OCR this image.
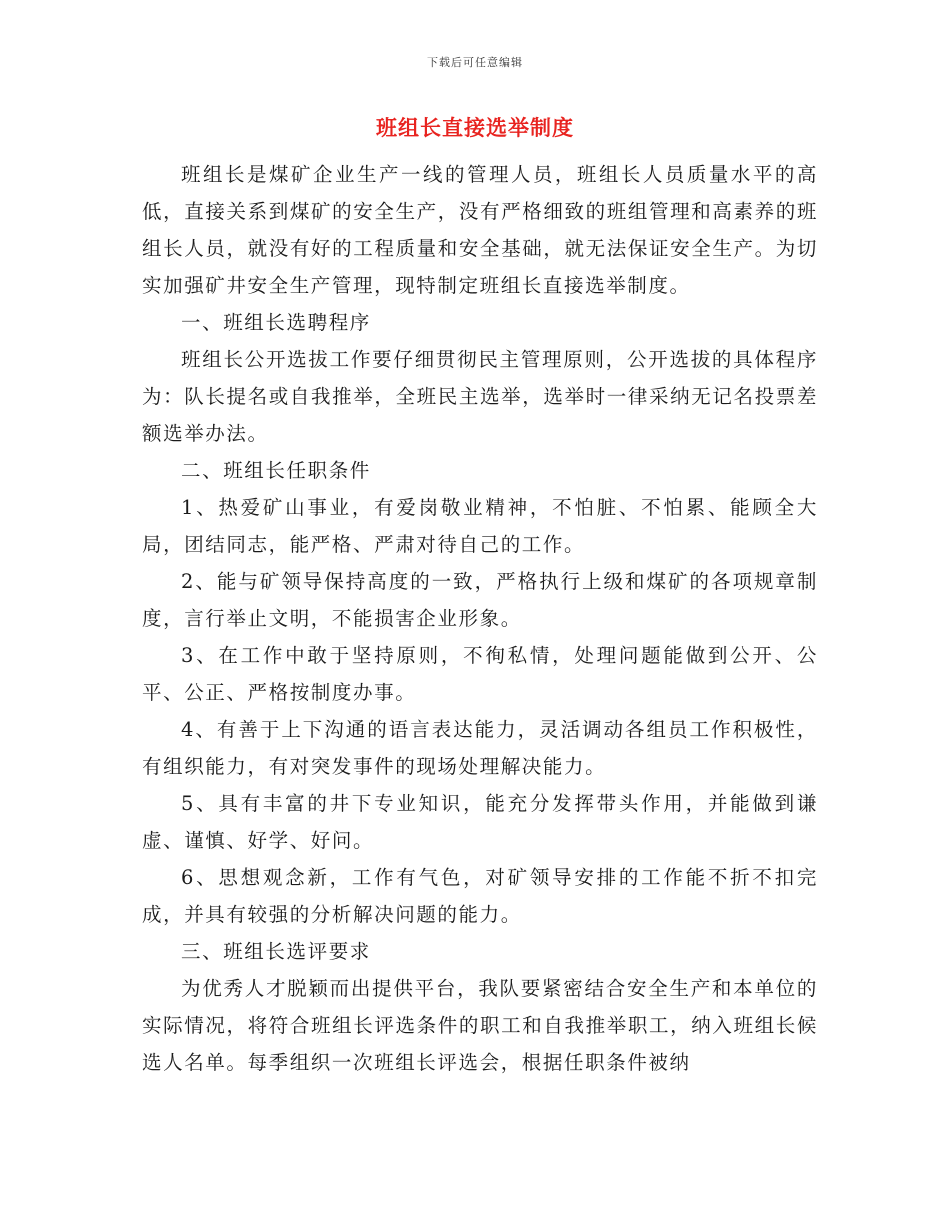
下载后可任意编辑
班组长直接选举制度

班组长是煤矿企业生产一线的管理人员，班组长人员质量水平的高低，直接关系到煤矿的安全生产，没有严格细致的班组管理和高素养的班组长人员，就没有好的工程质量和安全基础，就无法保证安全生产。为切实加强矿井安全生产管理，现特制定班组长直接选举制度。

一、班组长选聘程序

班组长公开选拔工作要仔细贯彻民主管理原则，公开选拔的具体程序为：队长提名或自我推举，全班民主选举，选举时一律采纳无记名投票差额选举办法。

二、班组长任职条件

1、热爱矿山事业，有爱岗敬业精神，不怕脏、不怕累、能顾全大局，团结同志，能严格、严肃对待自己的工作。

2、能与矿领导保持高度的一致，严格执行上级和煤矿的各项规章制度，言行举止文明，不能损害企业形象。

3、在工作中敢于坚持原则，不徇私情，处理问题能做到公开、公平、公正、严格按制度办事。

4、有善于上下沟通的语言表达能力，灵活调动各组员工作积极性，有组织能力，有对突发事件的现场处理解决能力。

5、具有丰富的井下专业知识，能充分发挥带头作用，并能做到谦虚、谨慎、好学、好问。

6、思想观念新，工作有气色，对矿领导安排的工作能不折不扣完成，并具有较强的分析解决问题的能力。

三、班组长选评要求

为优秀人才脱颖而出提供平台，我队要紧密结合安全生产和本单位的实际情况，将符合班组长评选条件的职工和自我推举职工，纳入班组长候选人名单。每季组织一次班组长评选会，根据任职条件被纳
